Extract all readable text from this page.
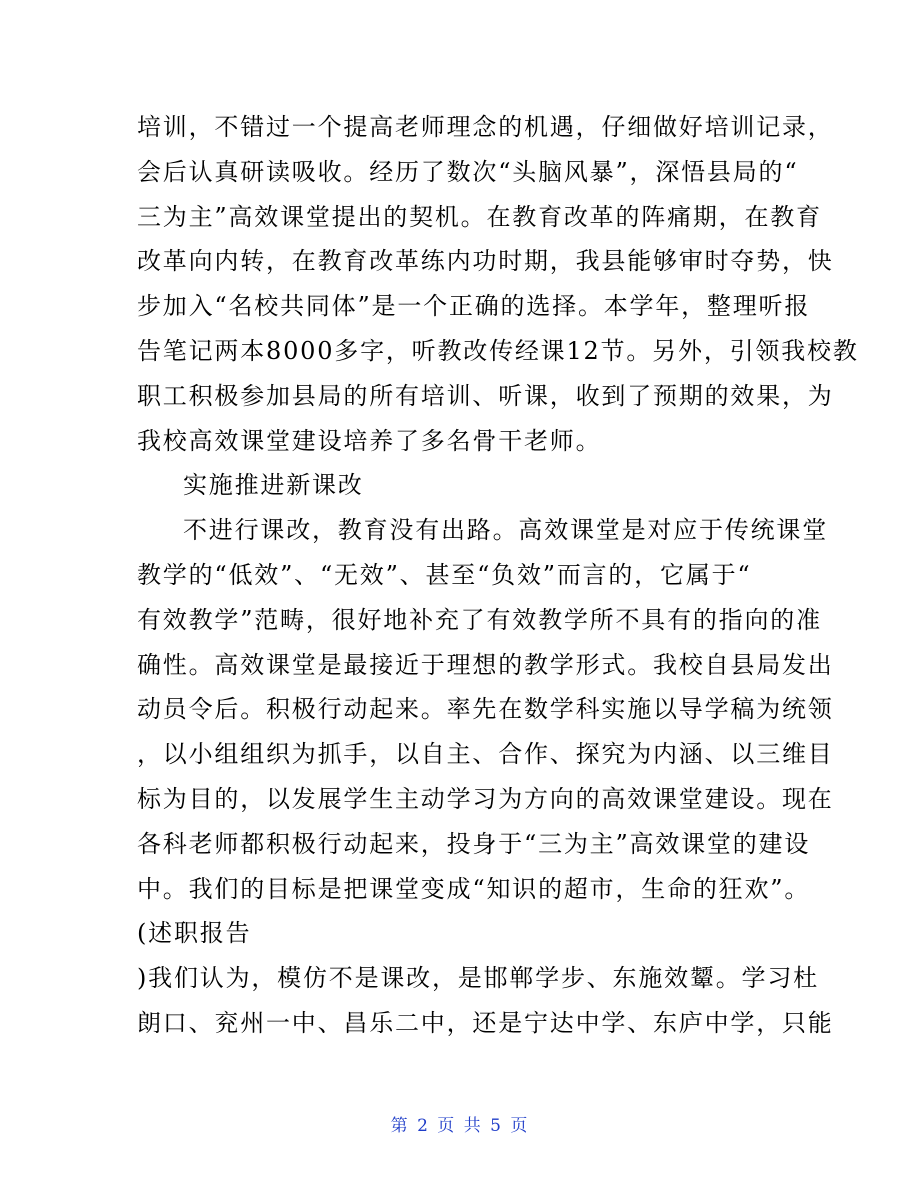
培训，不错过一个提高老师理念的机遇，仔细做好培训记录，
会后认真研读吸收。经历了数次“头脑风暴”，深悟县局的“
三为主”高效课堂提出的契机。在教育改革的阵痛期，在教育
改革向内转，在教育改革练内功时期，我县能够审时夺势，快
步加入“名校共同体”是一个正确的选择。本学年，整理听报
告笔记两本8000多字，听教改传经课12节。另外，引领我校教
职工积极参加县局的所有培训、听课，收到了预期的效果，为
我校高效课堂建设培养了多名骨干老师。
实施推进新课改
不进行课改，教育没有出路。高效课堂是对应于传统课堂
教学的“低效”、“无效”、甚至“负效”而言的，它属于“
有效教学”范畴，很好地补充了有效教学所不具有的指向的准
确性。高效课堂是最接近于理想的教学形式。我校自县局发出
动员令后。积极行动起来。率先在数学科实施以导学稿为统领
，以小组组织为抓手，以自主、合作、探究为内涵、以三维目
标为目的，以发展学生主动学习为方向的高效课堂建设。现在
各科老师都积极行动起来，投身于“三为主”高效课堂的建设
中。我们的目标是把课堂变成“知识的超市，生命的狂欢”。
(述职报告
)我们认为，模仿不是课改，是邯郸学步、东施效颦。学习杜
朗口、兖州一中、昌乐二中，还是宁达中学、东庐中学，只能
第 2 页 共 5 页
